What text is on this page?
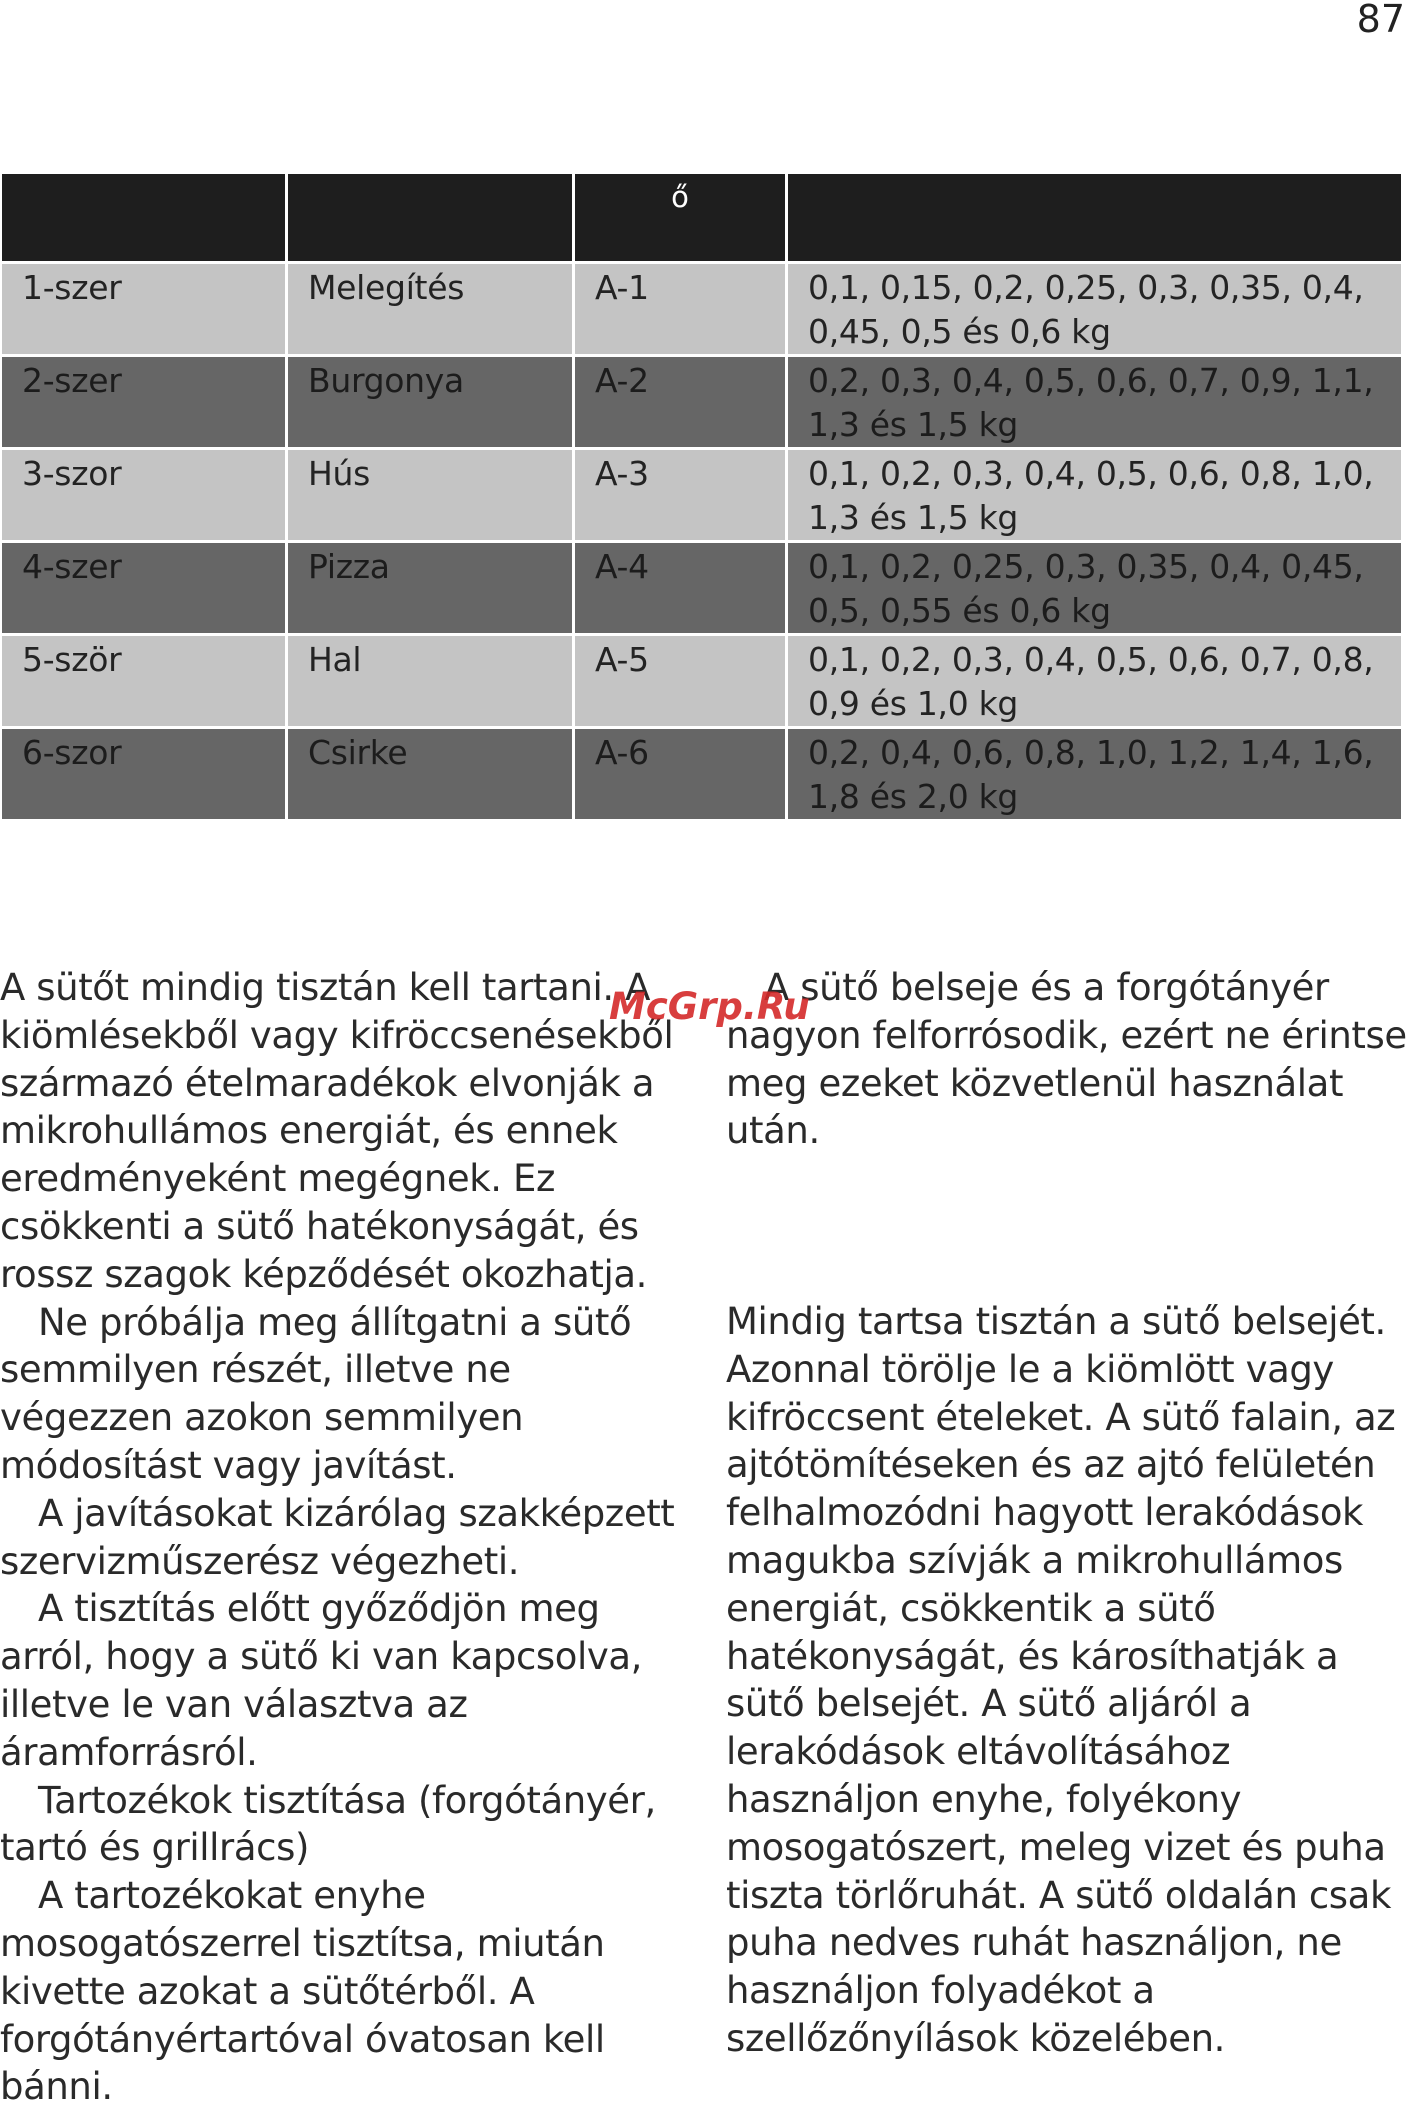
87
		ő	
1-szer	Melegítés	A-1	0,1, 0,15, 0,2, 0,25, 0,3, 0,35, 0,4,
0,45, 0,5 és 0,6 kg
2-szer	Burgonya	A-2	0,2, 0,3, 0,4, 0,5, 0,6, 0,7, 0,9, 1,1,
1,3 és 1,5 kg
3-szor	Hús	A-3	0,1, 0,2, 0,3, 0,4, 0,5, 0,6, 0,8, 1,0,
1,3 és 1,5 kg
4-szer	Pizza	A-4	0,1, 0,2, 0,25, 0,3, 0,35, 0,4, 0,45,
0,5, 0,55 és 0,6 kg
5-ször	Hal	A-5	0,1, 0,2, 0,3, 0,4, 0,5, 0,6, 0,7, 0,8,
0,9 és 1,0 kg
6-szor	Csirke	A-6	0,2, 0,4, 0,6, 0,8, 1,0, 1,2, 1,4, 1,6,
1,8 és 2,0 kg

A sütőt mindig tisztán kell tartani. A kiömlésekből vagy kifröccsenésekből származó ételmaradékok elvonják a mikrohullámos energiát, és ennek eredményeként megégnek. Ez csökkenti a sütő hatékonyságát, és rossz szagok képződését okozhatja.

Ne próbálja meg állítgatni a sütő semmilyen részét, illetve ne végezzen azokon semmilyen módosítást vagy javítást.

A javításokat kizárólag szakképzett szervizműszerész végezheti.

A tisztítás előtt győződjön meg arról, hogy a sütő ki van kapcsolva, illetve le van választva az áramforrásról.

Tartozékok tisztítása (forgótányér, tartó és grillrács)

A tartozékokat enyhe mosogatószerrel tisztítsa, miután kivette azokat a sütőtérből. A forgótányértartóval óvatosan kell bánni.

A sütő belseje és a forgótányér nagyon felforrósodik, ezért ne érintse meg ezeket közvetlenül használat után.

Mindig tartsa tisztán a sütő belsejét. Azonnal törölje le a kiömlött vagy kifröccsent ételeket. A sütő falain, az ajtótömítéseken és az ajtó felületén felhalmozódni hagyott lerakódások magukba szívják a mikrohullámos energiát, csökkentik a sütő hatékonyságát, és károsíthatják a sütő belsejét. A sütő aljáról a lerakódások eltávolításához használjon enyhe, folyékony mosogatószert, meleg vizet és puha tiszta törlőruhát. A sütő oldalán csak puha nedves ruhát használjon, ne használjon folyadékot a szellőzőnyílások közelében.

McGrp.Ru
